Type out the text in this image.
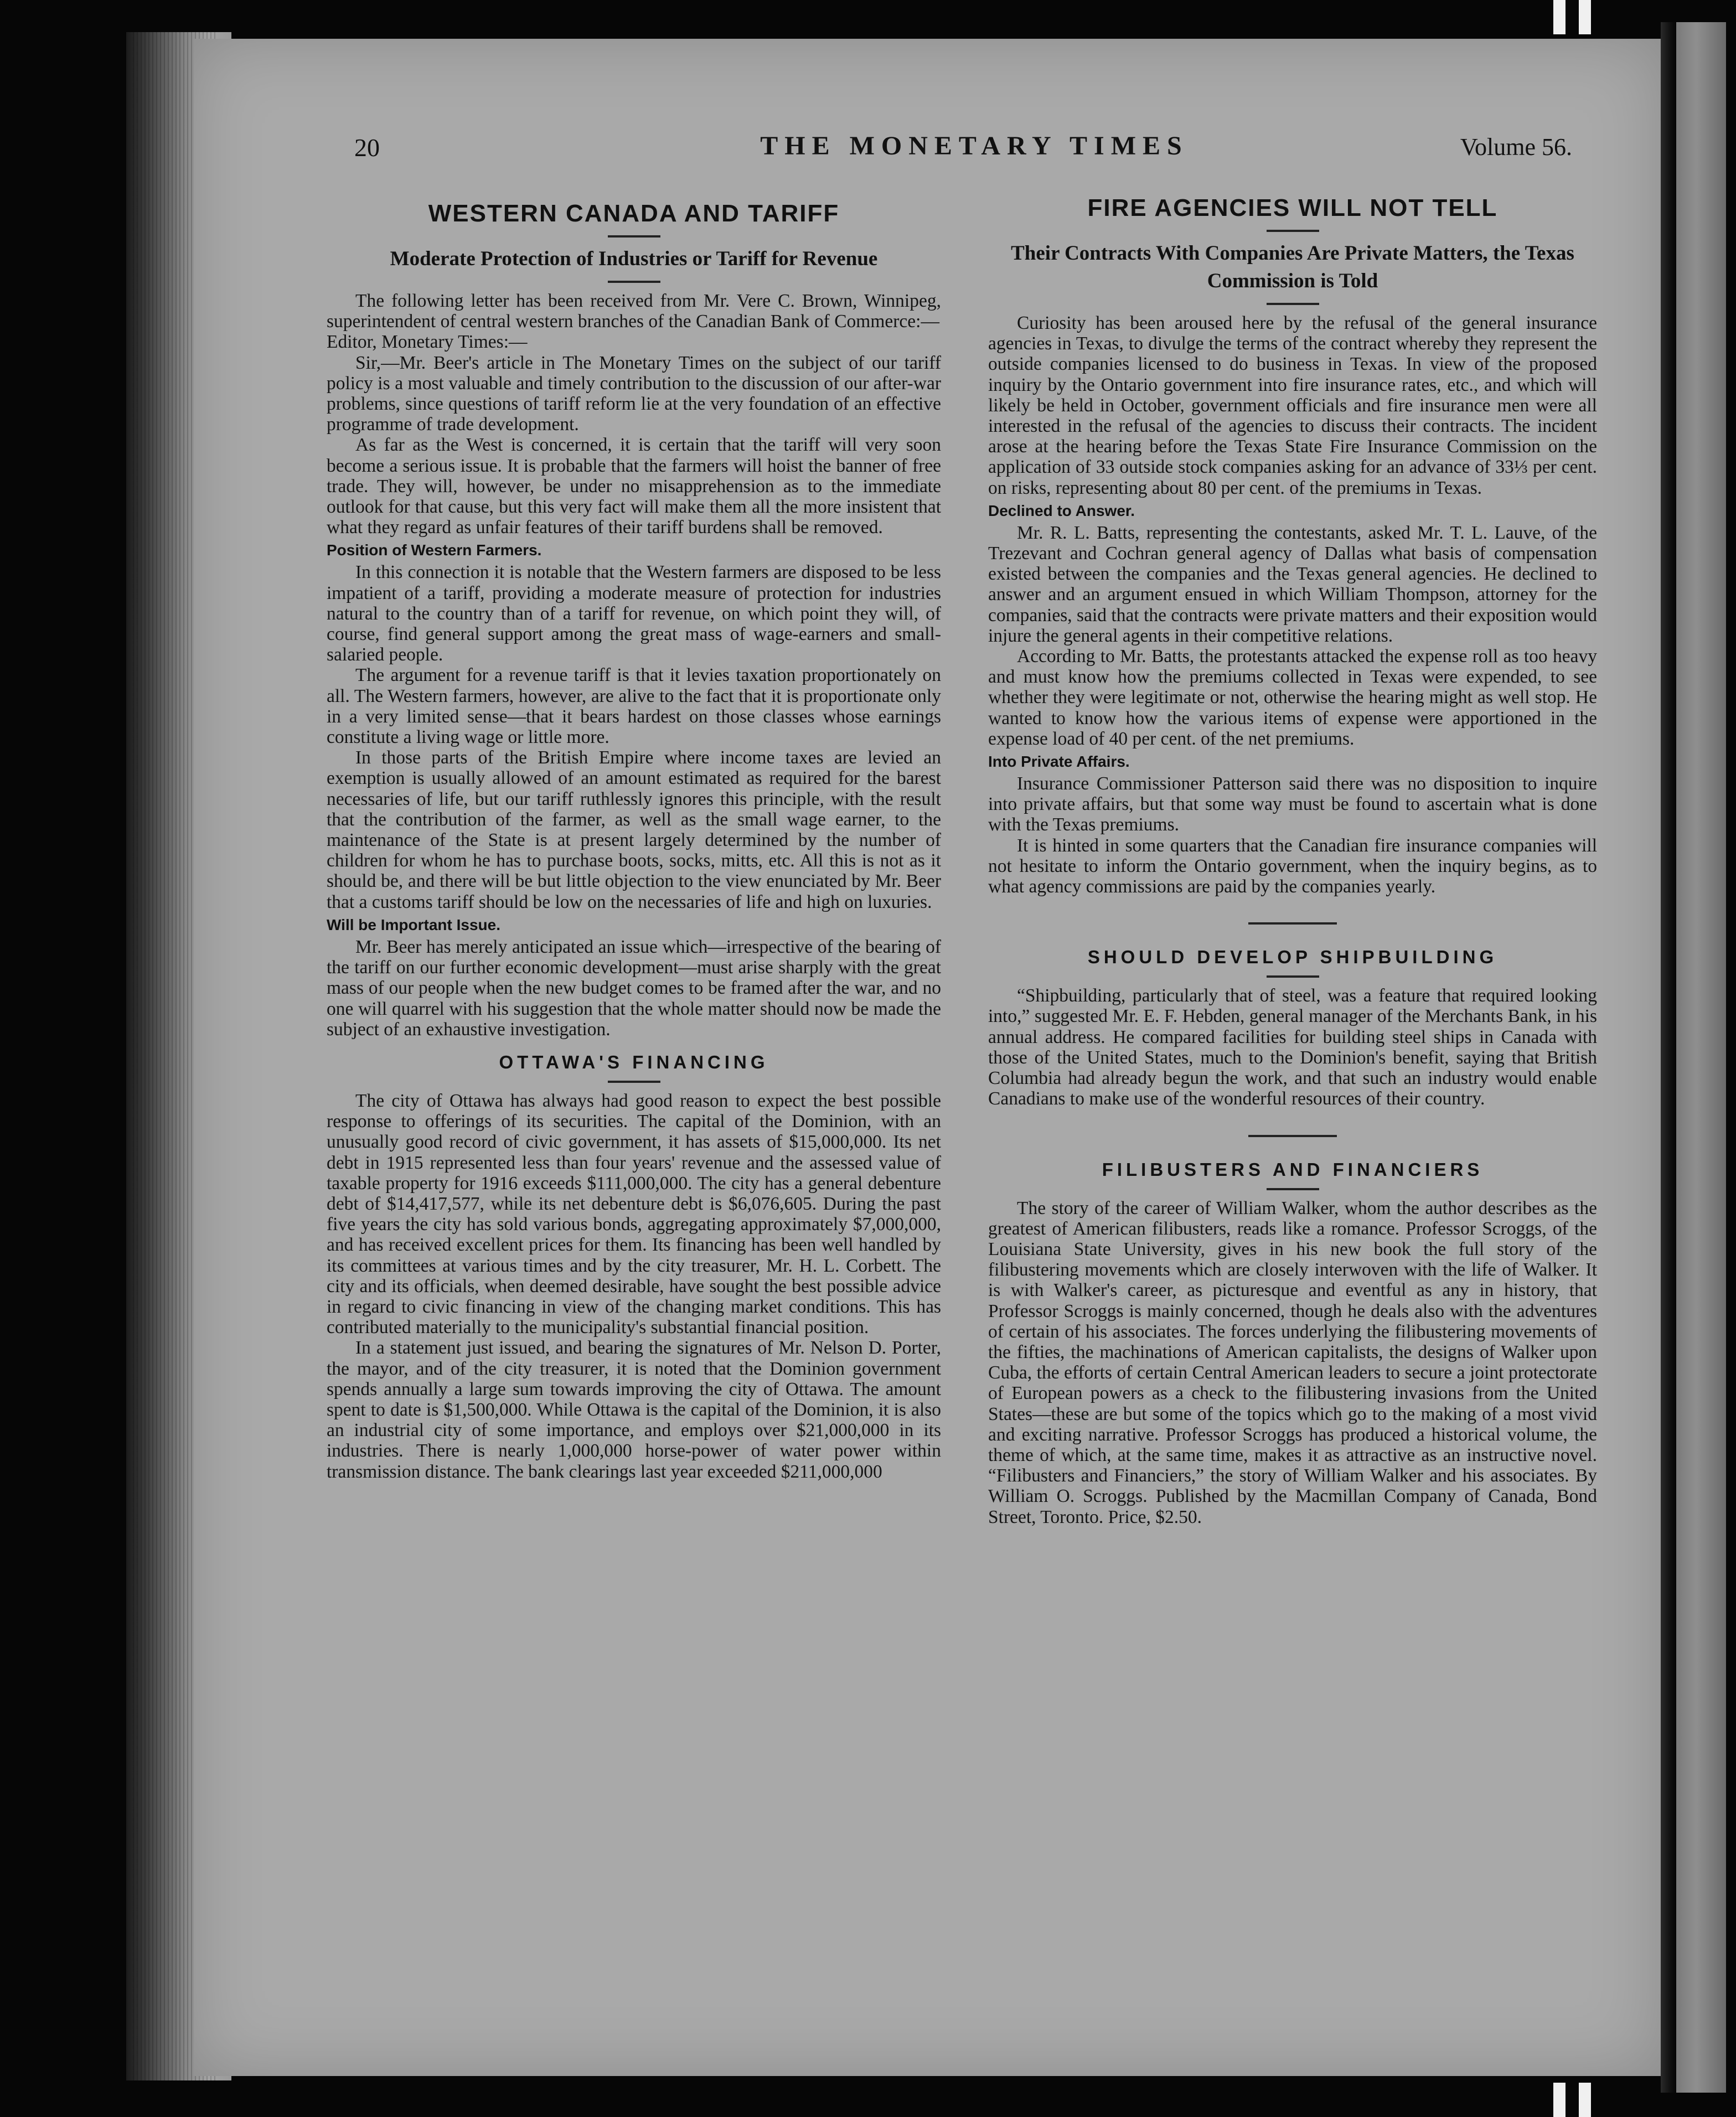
20	THE MONETARY TIMES	Volume 56.
WESTERN CANADA AND TARIFF
Moderate Protection of Industries or Tariff for Revenue

The following letter has been received from Mr. Vere C. Brown, Winnipeg, superintendent of central western branches of the Canadian Bank of Commerce:—

Editor, Monetary Times:—

Sir,—Mr. Beer's article in The Monetary Times on the subject of our tariff policy is a most valuable and timely contribution to the discussion of our after-war problems, since questions of tariff reform lie at the very foundation of an effective programme of trade development.

As far as the West is concerned, it is certain that the tariff will very soon become a serious issue. It is probable that the farmers will hoist the banner of free trade. They will, however, be under no misapprehension as to the immediate outlook for that cause, but this very fact will make them all the more insistent that what they regard as unfair features of their tariff burdens shall be removed.

Position of Western Farmers.

In this connection it is notable that the Western farmers are disposed to be less impatient of a tariff, providing a moderate measure of protection for industries natural to the country than of a tariff for revenue, on which point they will, of course, find general support among the great mass of wage-earners and small-salaried people.

The argument for a revenue tariff is that it levies taxation proportionately on all. The Western farmers, however, are alive to the fact that it is proportionate only in a very limited sense—that it bears hardest on those classes whose earnings constitute a living wage or little more.

In those parts of the British Empire where income taxes are levied an exemption is usually allowed of an amount estimated as required for the barest necessaries of life, but our tariff ruthlessly ignores this principle, with the result that the contribution of the farmer, as well as the small wage earner, to the maintenance of the State is at present largely determined by the number of children for whom he has to purchase boots, socks, mitts, etc. All this is not as it should be, and there will be but little objection to the view enunciated by Mr. Beer that a customs tariff should be low on the necessaries of life and high on luxuries.

Will be Important Issue.

Mr. Beer has merely anticipated an issue which—irrespective of the bearing of the tariff on our further economic development—must arise sharply with the great mass of our people when the new budget comes to be framed after the war, and no one will quarrel with his suggestion that the whole matter should now be made the subject of an exhaustive investigation.

OTTAWA'S FINANCING

The city of Ottawa has always had good reason to expect the best possible response to offerings of its securities. The capital of the Dominion, with an unusually good record of civic government, it has assets of $15,000,000. Its net debt in 1915 represented less than four years' revenue and the assessed value of taxable property for 1916 exceeds $111,000,000. The city has a general debenture debt of $14,417,577, while its net debenture debt is $6,076,605. During the past five years the city has sold various bonds, aggregating approximately $7,000,000, and has received excellent prices for them. Its financing has been well handled by its committees at various times and by the city treasurer, Mr. H. L. Corbett. The city and its officials, when deemed desirable, have sought the best possible advice in regard to civic financing in view of the changing market conditions. This has contributed materially to the municipality's substantial financial position.

In a statement just issued, and bearing the signatures of Mr. Nelson D. Porter, the mayor, and of the city treasurer, it is noted that the Dominion government spends annually a large sum towards improving the city of Ottawa. The amount spent to date is $1,500,000. While Ottawa is the capital of the Dominion, it is also an industrial city of some importance, and employs over $21,000,000 in its industries. There is nearly 1,000,000 horse-power of water power within transmission distance. The bank clearings last year exceeded $211,000,000

FIRE AGENCIES WILL NOT TELL
Their Contracts With Companies Are Private Matters, the Texas Commission is Told

Curiosity has been aroused here by the refusal of the general insurance agencies in Texas, to divulge the terms of the contract whereby they represent the outside companies licensed to do business in Texas. In view of the proposed inquiry by the Ontario government into fire insurance rates, etc., and which will likely be held in October, government officials and fire insurance men were all interested in the refusal of the agencies to discuss their contracts. The incident arose at the hearing before the Texas State Fire Insurance Commission on the application of 33 outside stock companies asking for an advance of 33⅓ per cent. on risks, representing about 80 per cent. of the premiums in Texas.

Declined to Answer.

Mr. R. L. Batts, representing the contestants, asked Mr. T. L. Lauve, of the Trezevant and Cochran general agency of Dallas what basis of compensation existed between the companies and the Texas general agencies. He declined to answer and an argument ensued in which William Thompson, attorney for the companies, said that the contracts were private matters and their exposition would injure the general agents in their competitive relations.

According to Mr. Batts, the protestants attacked the expense roll as too heavy and must know how the premiums collected in Texas were expended, to see whether they were legitimate or not, otherwise the hearing might as well stop. He wanted to know how the various items of expense were apportioned in the expense load of 40 per cent. of the net premiums.

Into Private Affairs.

Insurance Commissioner Patterson said there was no disposition to inquire into private affairs, but that some way must be found to ascertain what is done with the Texas premiums.

It is hinted in some quarters that the Canadian fire insurance companies will not hesitate to inform the Ontario government, when the inquiry begins, as to what agency commissions are paid by the companies yearly.

SHOULD DEVELOP SHIPBUILDING

“Shipbuilding, particularly that of steel, was a feature that required looking into,” suggested Mr. E. F. Hebden, general manager of the Merchants Bank, in his annual address. He compared facilities for building steel ships in Canada with those of the United States, much to the Dominion's benefit, saying that British Columbia had already begun the work, and that such an industry would enable Canadians to make use of the wonderful resources of their country.

FILIBUSTERS AND FINANCIERS

The story of the career of William Walker, whom the author describes as the greatest of American filibusters, reads like a romance. Professor Scroggs, of the Louisiana State University, gives in his new book the full story of the filibustering movements which are closely interwoven with the life of Walker. It is with Walker's career, as picturesque and eventful as any in history, that Professor Scroggs is mainly concerned, though he deals also with the adventures of certain of his associates. The forces underlying the filibustering movements of the fifties, the machinations of American capitalists, the designs of Walker upon Cuba, the efforts of certain Central American leaders to secure a joint protectorate of European powers as a check to the filibustering invasions from the United States—these are but some of the topics which go to the making of a most vivid and exciting narrative. Professor Scroggs has produced a historical volume, the theme of which, at the same time, makes it as attractive as an instructive novel. “Filibusters and Financiers,” the story of William Walker and his associates. By William O. Scroggs. Published by the Macmillan Company of Canada, Bond Street, Toronto. Price, $2.50.
